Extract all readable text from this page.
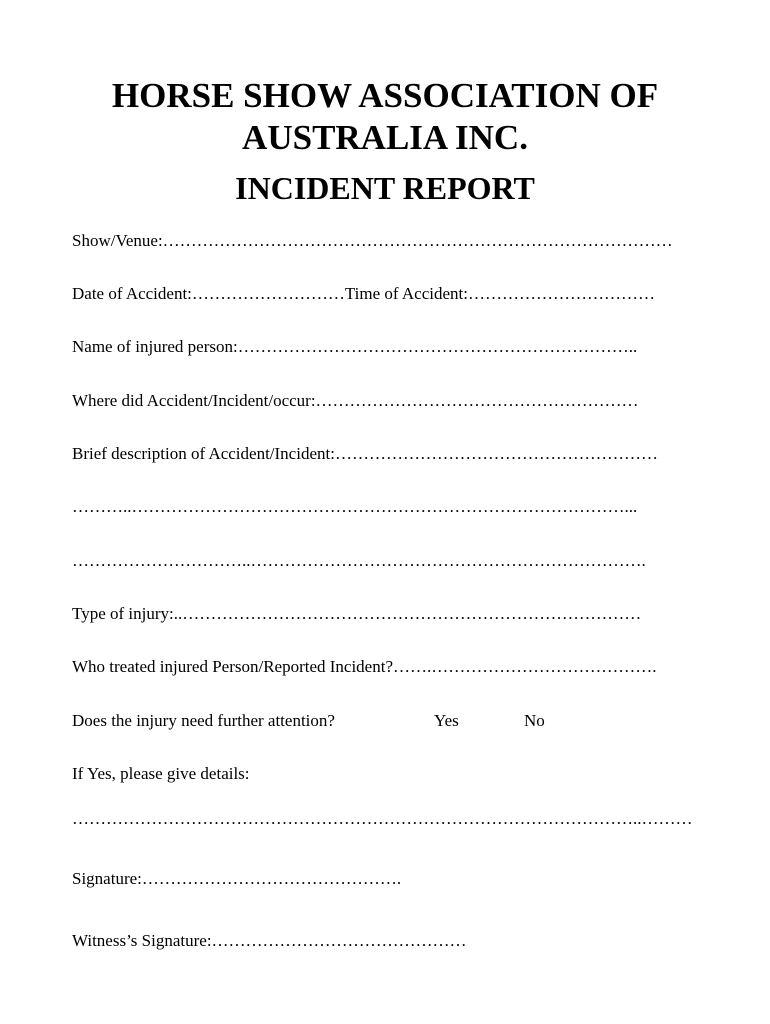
HORSE SHOW ASSOCIATION OF
AUSTRALIA INC.
INCIDENT REPORT

Show/Venue:………………………………………………………………………………

Date of Accident:………………………Time of Accident:……………………………

Name of injured person:……………………………………………………………..

Where did Accident/Incident/occur:…………………………………………………

Brief description of Accident/Incident:…………………………………………………

………..……………………………………………………………………………...

…………………………..…………………………………………………………….

Type of injury:..………………………………………………………………………

Who treated injured Person/Reported Incident?…….………………………………….

Does the injury need further attention?	Yes	No

If Yes, please give details:

………………………………………………………………………………………..………

Signature:……………………………………….

Witness’s Signature:………………………………………
